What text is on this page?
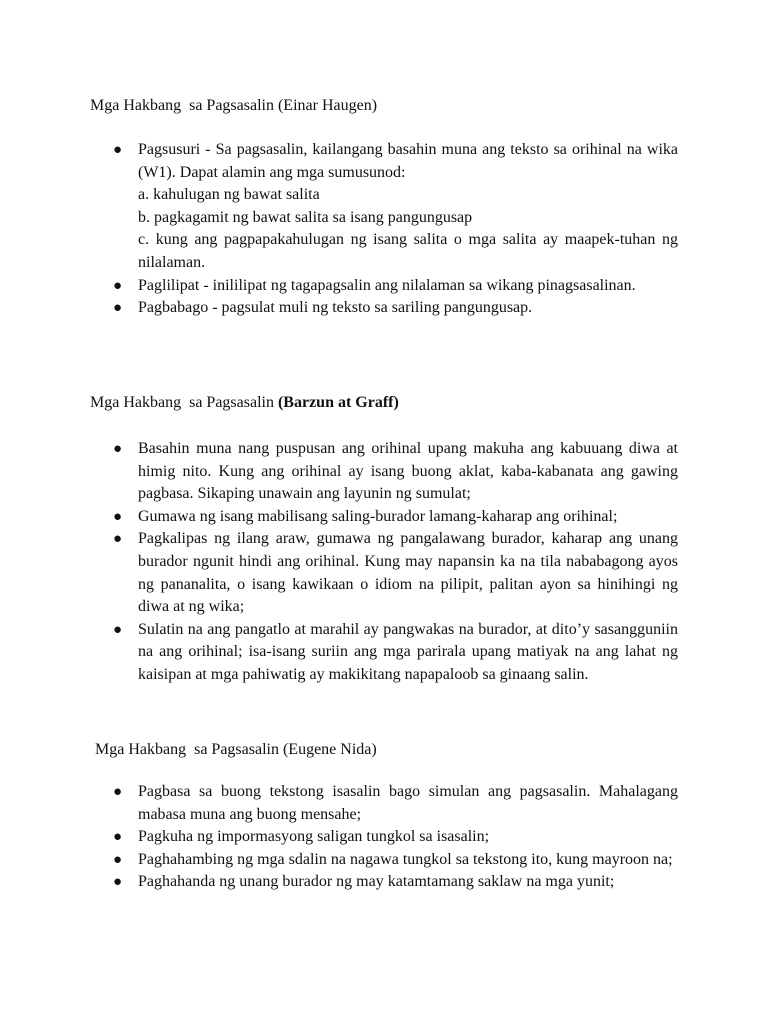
Mga Hakbang  sa Pagsasalin (Einar Haugen)

● Pagsusuri - Sa pagsasalin, kailangang basahin muna ang teksto sa orihinal na wika (W1). Dapat alamin ang mga sumusunod:
a. kahulugan ng bawat salita
b. pagkagamit ng bawat salita sa isang pangungusap
c. kung ang pagpapakahulugan ng isang salita o mga salita ay maapek-tuhan ng nilalaman.
● Paglilipat - inililipat ng tagapagsalin ang nilalaman sa wikang pinagsasalinan.
● Pagbabago - pagsulat muli ng teksto sa sariling pangungusap.

Mga Hakbang  sa Pagsasalin (Barzun at Graff)

● Basahin muna nang puspusan ang orihinal upang makuha ang kabuuang diwa at himig nito. Kung ang orihinal ay isang buong aklat, kaba-kabanata ang gawing pagbasa. Sikaping unawain ang layunin ng sumulat;
● Gumawa ng isang mabilisang saling-burador lamang-kaharap ang orihinal;
● Pagkalipas ng ilang araw, gumawa ng pangalawang burador, kaharap ang unang burador ngunit hindi ang orihinal. Kung may napansin ka na tila nababagong ayos ng pananalita, o isang kawikaan o idiom na pilipit, palitan ayon sa hinihingi ng diwa at ng wika;
● Sulatin na ang pangatlo at marahil ay pangwakas na burador, at dito’y sasangguniin na ang orihinal; isa-isang suriin ang mga parirala upang matiyak na ang lahat ng kaisipan at mga pahiwatig ay makikitang napapaloob sa ginaang salin.

Mga Hakbang  sa Pagsasalin (Eugene Nida)

● Pagbasa sa buong tekstong isasalin bago simulan ang pagsasalin. Mahalagang mabasa muna ang buong mensahe;
● Pagkuha ng impormasyong saligan tungkol sa isasalin;
● Paghahambing ng mga sdalin na nagawa tungkol sa tekstong ito, kung mayroon na;
● Paghahanda ng unang burador ng may katamtamang saklaw na mga yunit;
